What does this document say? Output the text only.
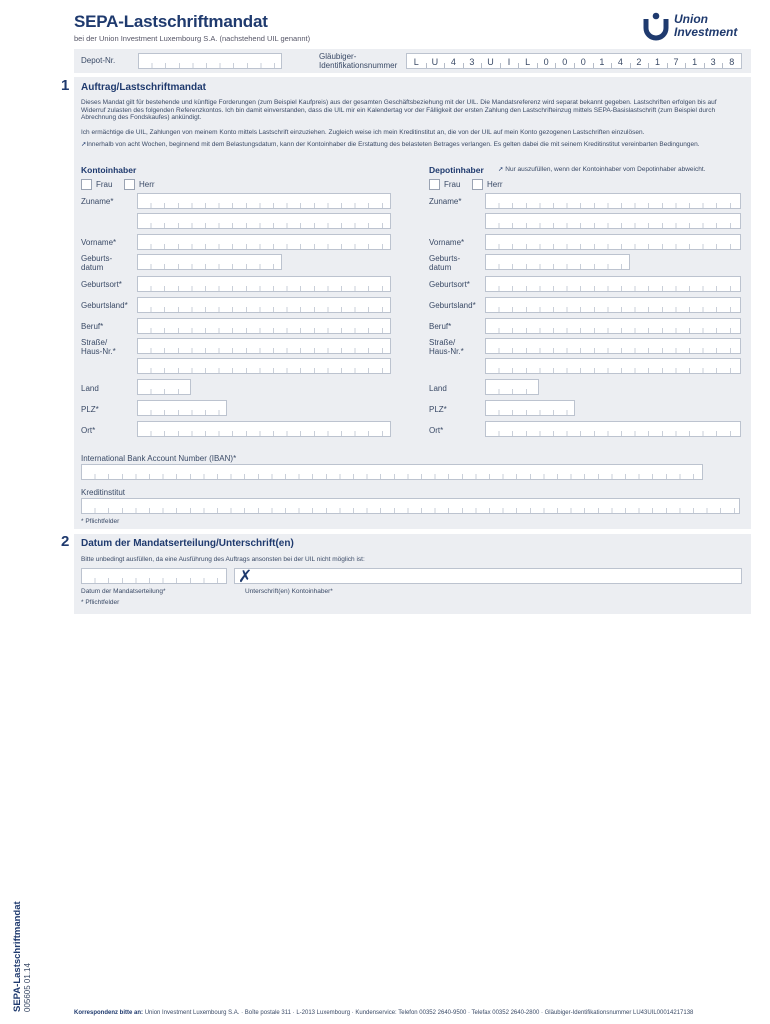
SEPA-Lastschriftmandat
bei der Union Investment Luxembourg S.A. (nachstehend UIL genannt)
Union
Investment
Depot-Nr.	Gläubiger-
Identifikationsnummer	L	U	4	3	U	I	L	0	0	0	1	4	2	1	7	1	3	8
1 Auftrag/Lastschriftmandat
Dieses Mandat gilt für bestehende und künftige Forderungen (zum Beispiel Kaufpreis) aus der gesamten Geschäftsbeziehung mit der UIL. Die Mandatsreferenz wird separat bekannt gegeben. Lastschriften erfolgen bis auf Widerruf zulasten des folgenden Referenzkontos. Ich bin damit einverstanden, dass die UIL mir ein Kalendertag vor der Fälligkeit der ersten Zahlung den Lastschrifteinzug mittels SEPA-Basislastschrift (zum Beispiel durch Abrechnung des Fondskaufes) ankündigt.
Ich ermächtige die UIL, Zahlungen von meinem Konto mittels Lastschrift einzuziehen. Zugleich weise ich mein Kreditinstitut an, die von der UIL auf mein Konto gezogenen Lastschriften einzulösen.
➚Innerhalb von acht Wochen, beginnend mit dem Belastungsdatum, kann der Kontoinhaber die Erstattung des belasteten Betrages verlangen. Es gelten dabei die mit seinem Kreditinstitut vereinbarten Bedingungen.
Kontoinhaber	Depotinhaber ➚ Nur auszufüllen, wenn der Kontoinhaber vom Depotinhaber abweicht.
Frau	Herr	Frau	Herr
Zuname*
Vorname*
Geburts-
datum
Geburtsort*
Geburtsland*
Beruf*
Straße/
Haus-Nr.*
Land
PLZ*
Ort*
Zuname*
Vorname*
Geburts-
datum
Geburtsort*
Geburtsland*
Beruf*
Straße/
Haus-Nr.*
Land
PLZ*
Ort*
International Bank Account Number (IBAN)*
Kreditinstitut
* Pflichtfelder
2 Datum der Mandatserteilung/Unterschrift(en)
Bitte unbedingt ausfüllen, da eine Ausführung des Auftrags ansonsten bei der UIL nicht möglich ist:
✗
Datum der Mandatserteilung*	Unterschrift(en) Kontoinhaber*
* Pflichtfelder
SEPA-Lastschriftmandat 005605 01.14
Korrespondenz bitte an: Union Investment Luxembourg S.A. · Boîte postale 311 · L-2013 Luxembourg · Kundenservice: Telefon 00352 2640-9500 · Telefax 00352 2640-2800 · Gläubiger-Identifikationsnummer LU43UIL00014217138
